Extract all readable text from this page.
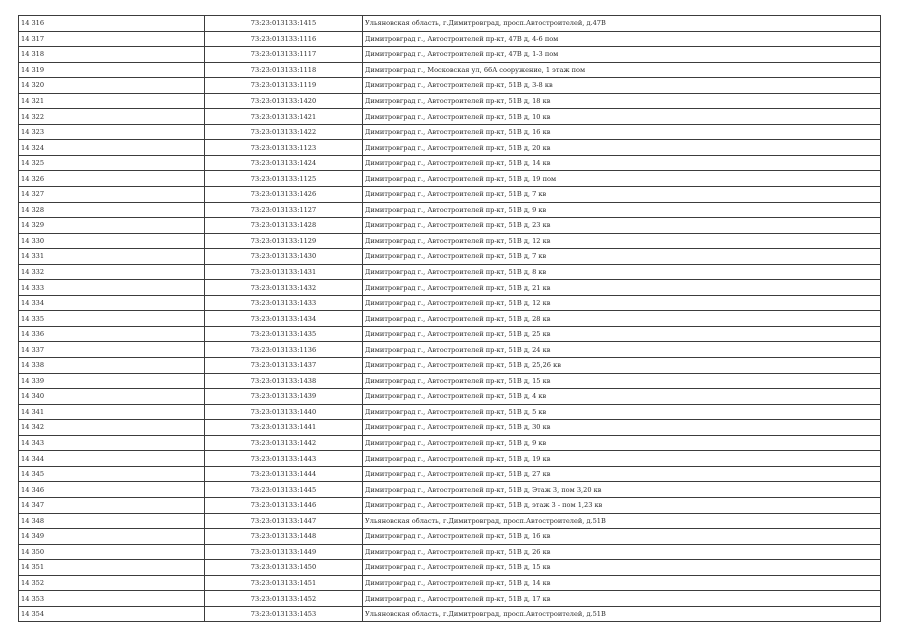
14 316	73:23:013133:1415	Ульяновская область, г.Димитровград, просп.Автостроителей, д.47В
14 317	73:23:013133:1116	Димитровград г., Автостроителей пр-кт, 47В д, 4-6 пом
14 318	73:23:013133:1117	Димитровград г., Автостроителей пр-кт, 47В д, 1-3 пом
14 319	73:23:013133:1118	Димитровград г., Московская ул, 66А сооружение, 1 этаж пом
14 320	73:23:013133:1119	Димитровград г., Автостроителей пр-кт, 51В д, 3-8 кв
14 321	73:23:013133:1420	Димитровград г., Автостроителей пр-кт, 51В д, 18 кв
14 322	73:23:013133:1421	Димитровград г., Автостроителей пр-кт, 51В д, 10 кв
14 323	73:23:013133:1422	Димитровград г., Автостроителей пр-кт, 51В д, 16 кв
14 324	73:23:013133:1123	Димитровград г., Автостроителей пр-кт, 51В д, 20 кв
14 325	73:23:013133:1424	Димитровград г., Автостроителей пр-кт, 51В д, 14 кв
14 326	73:23:013133:1125	Димитровград г., Автостроителей пр-кт, 51В д, 19 пом
14 327	73:23:013133:1426	Димитровград г., Автостроителей пр-кт, 51В д, 7 кв
14 328	73:23:013133:1127	Димитровград г., Автостроителей пр-кт, 51В д, 9 кв
14 329	73:23:013133:1428	Димитровград г., Автостроителей пр-кт, 51В д, 23 кв
14 330	73:23:013133:1129	Димитровград г., Автостроителей пр-кт, 51В д, 12 кв
14 331	73:23:013133:1430	Димитровград г., Автостроителей пр-кт, 51В д, 7 кв
14 332	73:23:013133:1431	Димитровград г., Автостроителей пр-кт, 51В д, 8 кв
14 333	73:23:013133:1432	Димитровград г., Автостроителей пр-кт, 51В д, 21 кв
14 334	73:23:013133:1433	Димитровград г., Автостроителей пр-кт, 51В д, 12 кв
14 335	73:23:013133:1434	Димитровград г., Автостроителей пр-кт, 51В д, 28 кв
14 336	73:23:013133:1435	Димитровград г., Автостроителей пр-кт, 51В д, 25 кв
14 337	73:23:013133:1136	Димитровград г., Автостроителей пр-кт, 51В д, 24 кв
14 338	73:23:013133:1437	Димитровград г., Автостроителей пр-кт, 51В д, 25,26 кв
14 339	73:23:013133:1438	Димитровград г., Автостроителей пр-кт, 51В д, 15 кв
14 340	73:23:013133:1439	Димитровград г., Автостроителей пр-кт, 51В д, 4 кв
14 341	73:23:013133:1440	Димитровград г., Автостроителей пр-кт, 51В д, 5 кв
14 342	73:23:013133:1441	Димитровград г., Автостроителей пр-кт, 51В д, 30 кв
14 343	73:23:013133:1442	Димитровград г., Автостроителей пр-кт, 51В д, 9 кв
14 344	73:23:013133:1443	Димитровград г., Автостроителей пр-кт, 51В д, 19 кв
14 345	73:23:013133:1444	Димитровград г., Автостроителей пр-кт, 51В д, 27 кв
14 346	73:23:013133:1445	Димитровград г., Автостроителей пр-кт, 51В д, Этаж 3, пом 3,20 кв
14 347	73:23:013133:1446	Димитровград г., Автостроителей пр-кт, 51В д, этаж 3 - пом 1,23 кв
14 348	73:23:013133:1447	Ульяновская область, г.Димитровград, просп.Автостроителей, д.51В
14 349	73:23:013133:1448	Димитровград г., Автостроителей пр-кт, 51В д, 16 кв
14 350	73:23:013133:1449	Димитровград г., Автостроителей пр-кт, 51В д, 26 кв
14 351	73:23:013133:1450	Димитровград г., Автостроителей пр-кт, 51В д, 15 кв
14 352	73:23:013133:1451	Димитровград г., Автостроителей пр-кт, 51В д, 14 кв
14 353	73:23:013133:1452	Димитровград г., Автостроителей пр-кт, 51В д, 17 кв
14 354	73:23:013133:1453	Ульяновская область, г.Димитровград, просп.Автостроителей, д.51В
